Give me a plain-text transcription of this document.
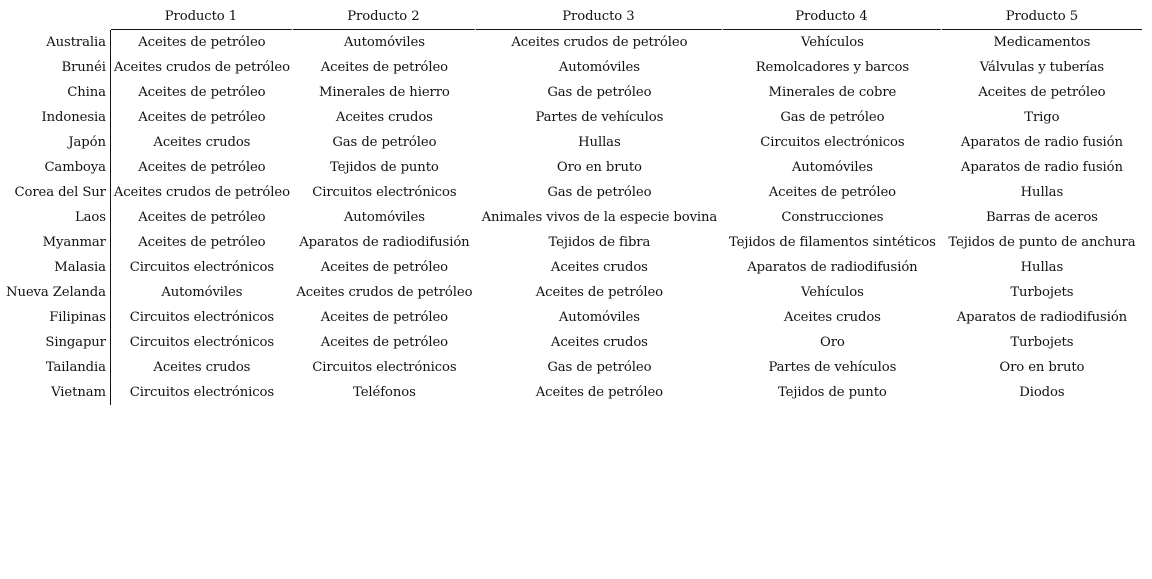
	Producto 1	Producto 2	Producto 3	Producto 4	Producto 5
Australia	Aceites de petróleo	Automóviles	Aceites crudos de petróleo	Vehículos	Medicamentos
Brunéi	Aceites crudos de petróleo	Aceites de petróleo	Automóviles	Remolcadores y barcos	Válvulas y tuberías
China	Aceites de petróleo	Minerales de hierro	Gas de petróleo	Minerales de cobre	Aceites de petróleo
Indonesia	Aceites de petróleo	Aceites crudos	Partes de vehículos	Gas de petróleo	Trigo
Japón	Aceites crudos	Gas de petróleo	Hullas	Circuitos electrónicos	Aparatos de radio fusión
Camboya	Aceites de petróleo	Tejidos de punto	Oro en bruto	Automóviles	Aparatos de radio fusión
Corea del Sur	Aceites crudos de petróleo	Circuitos electrónicos	Gas de petróleo	Aceites de petróleo	Hullas
Laos	Aceites de petróleo	Automóviles	Animales vivos de la especie bovina	Construcciones	Barras de aceros
Myanmar	Aceites de petróleo	Aparatos de radiodifusión	Tejidos de fibra	Tejidos de filamentos sintéticos	Tejidos de punto de anchura
Malasia	Circuitos electrónicos	Aceites de petróleo	Aceites crudos	Aparatos de radiodifusión	Hullas
Nueva Zelanda	Automóviles	Aceites crudos de petróleo	Aceites de petróleo	Vehículos	Turbojets
Filipinas	Circuitos electrónicos	Aceites de petróleo	Automóviles	Aceites crudos	Aparatos de radiodifusión
Singapur	Circuitos electrónicos	Aceites de petróleo	Aceites crudos	Oro	Turbojets
Tailandia	Aceites crudos	Circuitos electrónicos	Gas de petróleo	Partes de vehículos	Oro en bruto
Vietnam	Circuitos electrónicos	Teléfonos	Aceites de petróleo	Tejidos de punto	Diodos
